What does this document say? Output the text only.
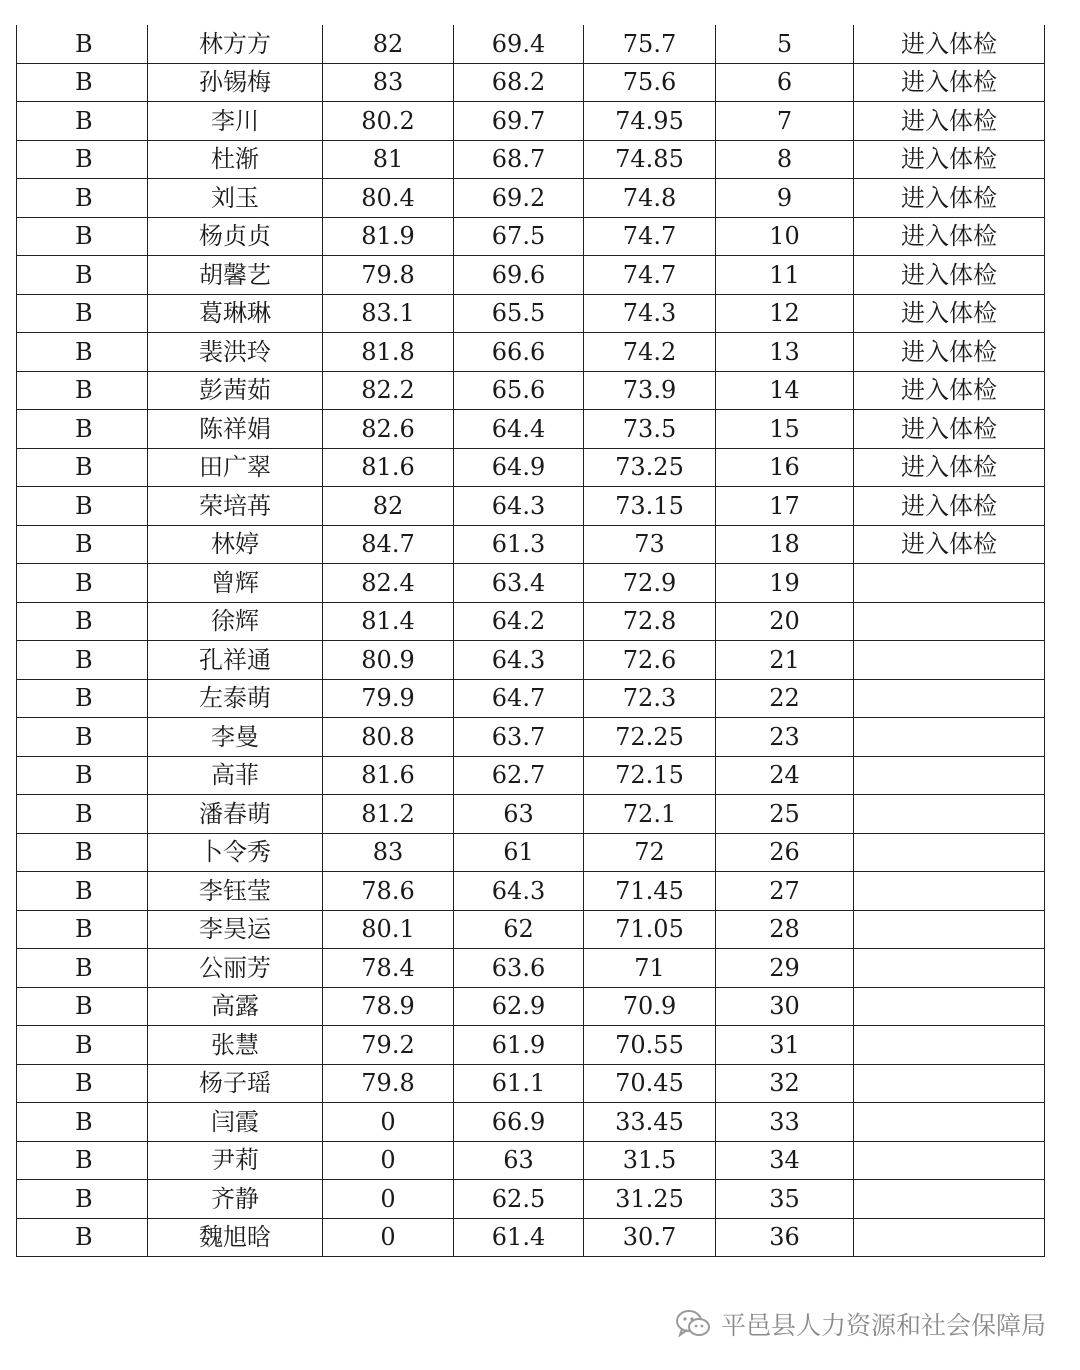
B	林方方	82	69.4	75.7	5	进入体检
B	孙锡梅	83	68.2	75.6	6	进入体检
B	李川	80.2	69.7	74.95	7	进入体检
B	杜渐	81	68.7	74.85	8	进入体检
B	刘玉	80.4	69.2	74.8	9	进入体检
B	杨贞贞	81.9	67.5	74.7	10	进入体检
B	胡馨艺	79.8	69.6	74.7	11	进入体检
B	葛琳琳	83.1	65.5	74.3	12	进入体检
B	裴洪玲	81.8	66.6	74.2	13	进入体检
B	彭茜茹	82.2	65.6	73.9	14	进入体检
B	陈祥娟	82.6	64.4	73.5	15	进入体检
B	田广翠	81.6	64.9	73.25	16	进入体检
B	荣培苒	82	64.3	73.15	17	进入体检
B	林婷	84.7	61.3	73	18	进入体检
B	曾辉	82.4	63.4	72.9	19	
B	徐辉	81.4	64.2	72.8	20	
B	孔祥通	80.9	64.3	72.6	21	
B	左泰萌	79.9	64.7	72.3	22	
B	李曼	80.8	63.7	72.25	23	
B	高菲	81.6	62.7	72.15	24	
B	潘春萌	81.2	63	72.1	25	
B	卜令秀	83	61	72	26	
B	李钰莹	78.6	64.3	71.45	27	
B	李昊运	80.1	62	71.05	28	
B	公丽芳	78.4	63.6	71	29	
B	高露	78.9	62.9	70.9	30	
B	张慧	79.2	61.9	70.55	31	
B	杨子瑶	79.8	61.1	70.45	32	
B	闫霞	0	66.9	33.45	33	
B	尹莉	0	63	31.5	34	
B	齐静	0	62.5	31.25	35	
B	魏旭晗	0	61.4	30.7	36	
平邑县人力资源和社会保障局
